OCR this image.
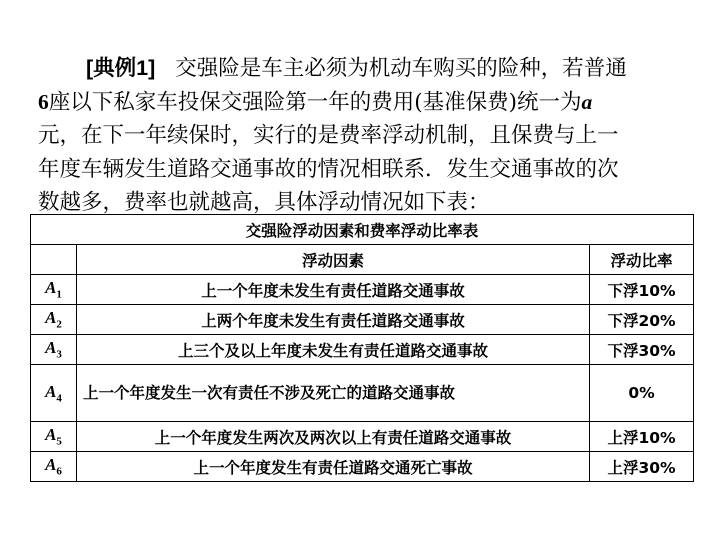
[典例1] 交强险是车主必须为机动车购买的险种，若普通
6座以下私家车投保交强险第一年的费用(基准保费)统一为a
元，在下一年续保时，实行的是费率浮动机制，且保费与上一
年度车辆发生道路交通事故的情况相联系．发生交通事故的次
数越多，费率也就越高，具体浮动情况如下表：
交强险浮动因素和费率浮动比率表		
	浮动因素	浮动比率
$A_1$	上一个年度未发生有责任道路交通事故	下浮10%
$A_2$	上两个年度未发生有责任道路交通事故	下浮20%
$A_3$	上三个及以上年度未发生有责任道路交通事故	下浮30%
$A_4$	上一个年度发生一次有责任不涉及死亡的道路交通事故	0%
$A_5$	上一个年度发生两次及两次以上有责任道路交通事故	上浮10%
$A_6$	上一个年度发生有责任道路交通死亡事故	上浮30%
